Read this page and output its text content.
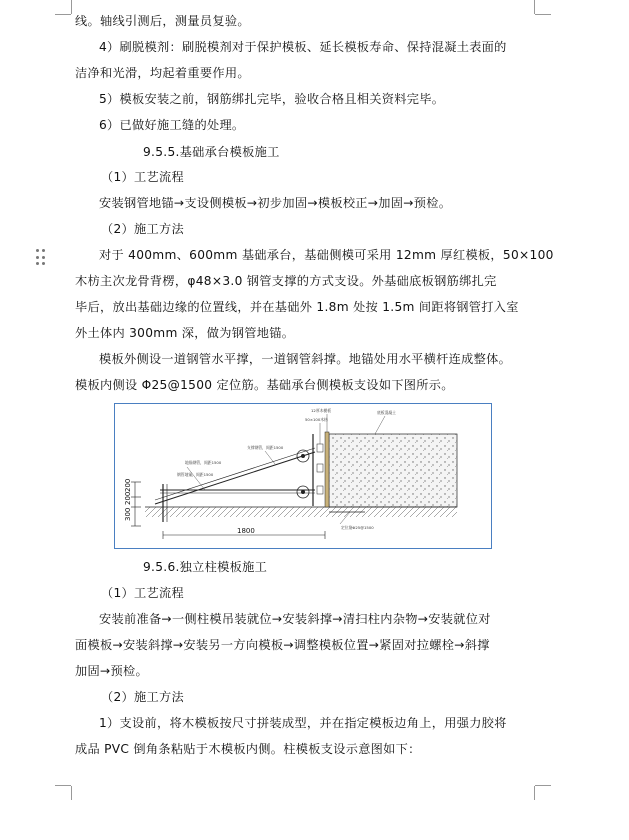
线。轴线引测后，测量员复验。
4）刷脱模剂：刷脱模剂对于保护模板、延长模板寿命、保持混凝土表面的
洁净和光滑，均起着重要作用。
5）模板安装之前，钢筋绑扎完毕，验收合格且相关资料完毕。
6）已做好施工缝的处理。
9.5.5.基础承台模板施工
（1）工艺流程
安装钢管地锚→支设侧模板→初步加固→模板校正→加固→预检。
（2）施工方法
对于 400mm、600mm 基础承台，基础侧模可采用 12mm 厚红模板，50×100
木枋主次龙骨背楞，φ48×3.0 钢管支撑的方式支设。外基础底板钢筋绑扎完
毕后，放出基础边缘的位置线，并在基础外 1.8m 处按 1.5m 间距将钢管打入室
外土体内 300mm 深，做为钢管地锚。
模板外侧设一道钢管水平撑，一道钢管斜撑。地锚处用水平横杆连成整体。
模板内侧设 Φ25@1500 定位筋。基础承台侧模板支设如下图所示。
12厚木模板
50×100木枋
底板混凝土
支撑钢管，间距1500
地锚钢管，间距1500
钢管地锚，间距1500
定位筋Φ25@1500
200
200
300
1800
9.5.6.独立柱模板施工
（1）工艺流程
安装前准备→一侧柱模吊装就位→安装斜撑→清扫柱内杂物→安装就位对
面模板→安装斜撑→安装另一方向模板→调整模板位置→紧固对拉螺栓→斜撑
加固→预检。
（2）施工方法
1）支设前，将木模板按尺寸拼装成型，并在指定模板边角上，用强力胶将
成品 PVC 倒角条粘贴于木模板内侧。柱模板支设示意图如下：
